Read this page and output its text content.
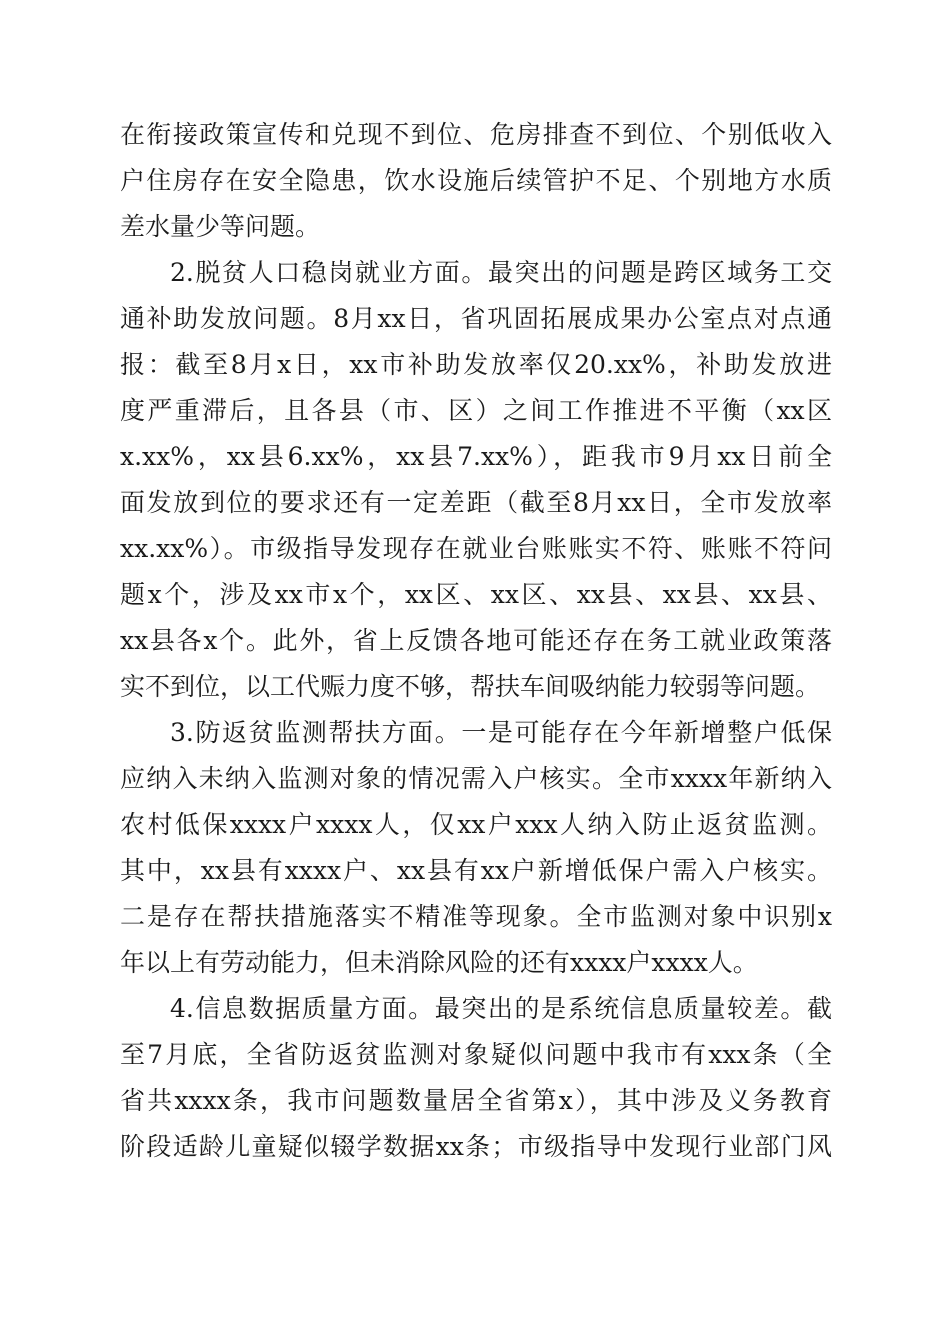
在衔接政策宣传和兑现不到位、危房排查不到位、个别低收入
户住房存在安全隐患，饮水设施后续管护不足、个别地方水质
差水量少等问题。
2.脱贫人口稳岗就业方面。最突出的问题是跨区域务工交
通补助发放问题。8月xx日，省巩固拓展成果办公室点对点通
报：截至8月x日，xx市补助发放率仅20.xx%，补助发放进
度严重滞后，且各县（市、区）之间工作推进不平衡（xx区
x.xx%，xx县6.xx%，xx县7.xx%），距我市9月xx日前全
面发放到位的要求还有一定差距（截至8月xx日，全市发放率
xx.xx%）。市级指导发现存在就业台账账实不符、账账不符问
题x个，涉及xx市x个，xx区、xx区、xx县、xx县、xx县、
xx县各x个。此外，省上反馈各地可能还存在务工就业政策落
实不到位，以工代赈力度不够，帮扶车间吸纳能力较弱等问题。
3.防返贫监测帮扶方面。一是可能存在今年新增整户低保
应纳入未纳入监测对象的情况需入户核实。全市xxxx年新纳入
农村低保xxxx户xxxx人，仅xx户xxx人纳入防止返贫监测。
其中，xx县有xxxx户、xx县有xx户新增低保户需入户核实。
二是存在帮扶措施落实不精准等现象。全市监测对象中识别x
年以上有劳动能力，但未消除风险的还有xxxx户xxxx人。
4.信息数据质量方面。最突出的是系统信息质量较差。截
至7月底，全省防返贫监测对象疑似问题中我市有xxx条（全
省共xxxx条，我市问题数量居全省第x），其中涉及义务教育
阶段适龄儿童疑似辍学数据xx条；市级指导中发现行业部门风
